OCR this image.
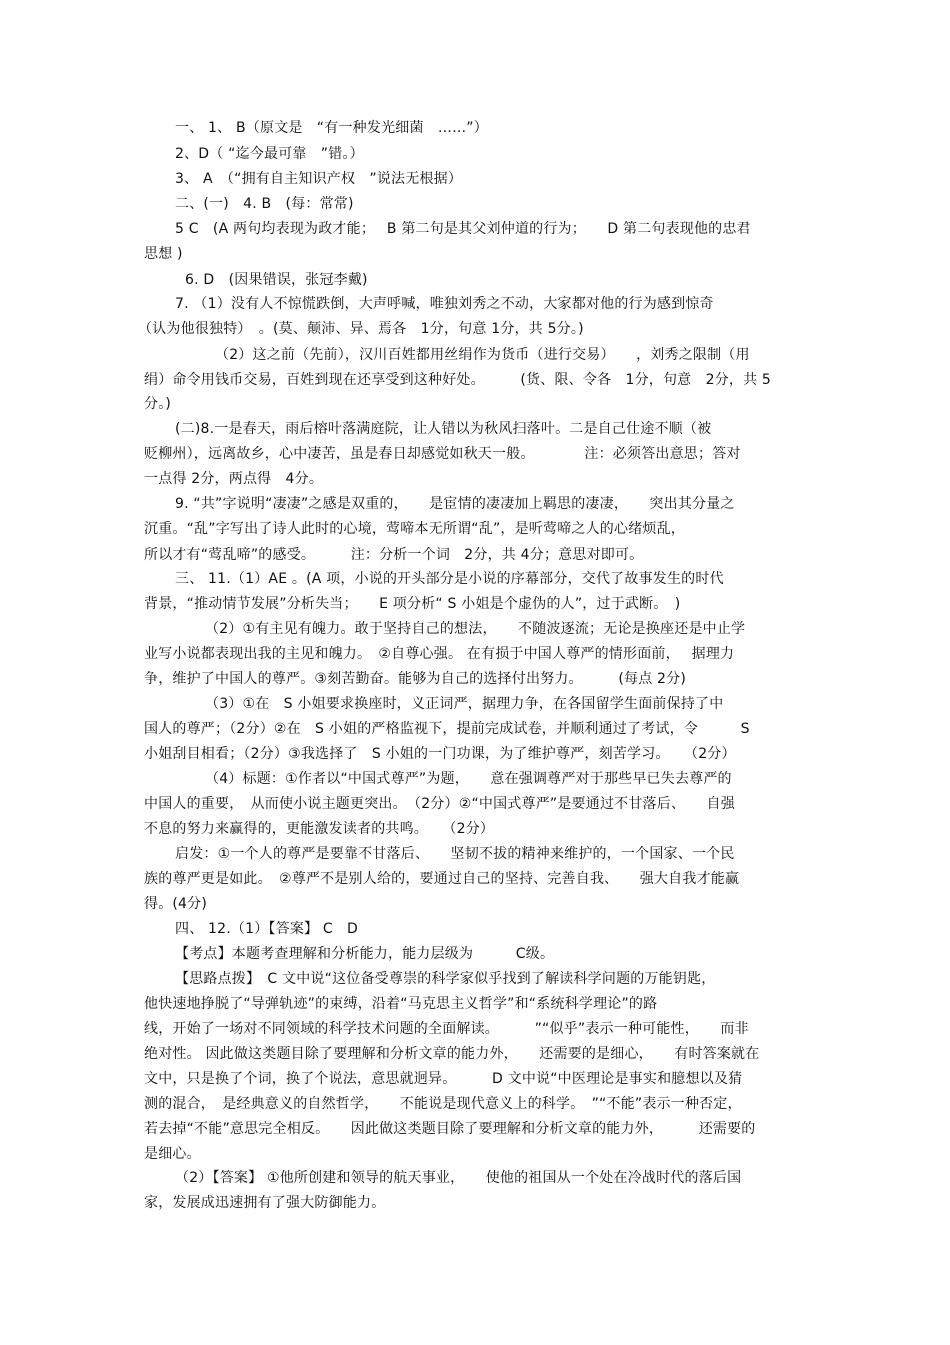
一、 1、 B（原文是　“有一种发光细菌　……”）
2、D（ “迄今最可靠　”错。）
3、 A　（“拥有自主知识产权　”说法无根据）
二、(一)　4. B　(每：常常)
5 C　(A 两句均表现为政才能；　 B 第二句是其父刘仲道的行为；　　D 第二句表现他的忠君
思想 )
6. D　(因果错误，张冠李戴)
7. （1）没有人不惊慌跌倒，大声呼喊，唯独刘秀之不动，大家都对他的行为感到惊奇
（认为他很独特）　。(莫、颠沛、异、焉各　1分，句意 1分，共 5分。)
（2）这之前（先前），汉川百姓都用丝绢作为货币（进行交易）　　，刘秀之限制（用
绢）命令用钱币交易，百姓到现在还享受到这种好处。　　　(货、限、令各　1分，句意　2分，共 5
分。)
(二)8.一是春天，雨后榕叶落满庭院，让人错以为秋风扫落叶。二是自己仕途不顺（被
贬柳州），远离故乡，心中凄苦，虽是春日却感觉如秋天一般。　　　　注：必须答出意思；答对
一点得 2分，两点得　4分。
9. “共”字说明“凄凄”之感是双重的，　　是宦情的凄凄加上羁思的凄凄，　　突出其分量之
沉重。“乱”字写出了诗人此时的心境，莺啼本无所谓“乱”，是听莺啼之人的心绪烦乱，
所以才有“莺乱啼”的感受。　　　注：分析一个词　2分，共 4分；意思对即可。
三、 11.（1）AE 。(A 项，小说的开头部分是小说的序幕部分，交代了故事发生的时代
背景，“推动情节发展”分析失当；　　E 项分析“ S 小姐是个虚伪的人”，过于武断。　)
（2）①有主见有魄力。敢于坚持自己的想法，　　不随波逐流；无论是换座还是中止学
业写小说都表现出我的主见和魄力。　②自尊心强。 在有损于中国人尊严的情形面前，　 据理力
争，维护了中国人的尊严。③刻苦勤奋。能够为自己的选择付出努力。　　　(每点 2分)
（3）①在　S 小姐要求换座时，义正词严，据理力争，在各国留学生面前保持了中
国人的尊严；（2分）②在　S 小姐的严格监视下，提前完成试卷，并顺利通过了考试，令　　　S
小姐刮目相看；（2分）③我选择了　S 小姐的一门功课，为了维护尊严，刻苦学习。　　（2分）
（4）标题：①作者以“中国式尊严”为题，　　意在强调尊严对于那些早已失去尊严的
中国人的重要，　从而使小说主题更突出。　（2分）②“中国式尊严”是要通过不甘落后、　　自强
不息的努力来赢得的，更能激发读者的共鸣。　　（2分）
启发：①一个人的尊严是要靠不甘落后、　　坚韧不拔的精神来维护的，一个国家、一个民
族的尊严更是如此。　②尊严不是别人给的，要通过自己的坚持、完善自我、　　强大自我才能赢
得。(4分)
四、 12.（1）【答案】 C　D
【考点】本题考查理解和分析能力，能力层级为　　　C级。
【思路点拨】　C 文中说“这位备受尊崇的科学家似乎找到了解读科学问题的万能钥匙，
他快速地挣脱了“导弹轨迹”的束缚，沿着“马克思主义哲学”和“系统科学理论”的路
线，开始了一场对不同领域的科学技术问题的全面解读。　　　”“似乎”表示一种可能性，　　而非
绝对性。 因此做这类题目除了要理解和分析文章的能力外，　　还需要的是细心，　　有时答案就在
文中，只是换了个词，换了个说法，意思就迥异。　　　D 文中说“中医理论是事实和臆想以及猜
测的混合，　是经典意义的自然哲学，　　不能说是现代意义上的科学。　”“不能”表示一种否定，
若去掉“不能”意思完全相反。　　因此做这类题目除了要理解和分析文章的能力外，　　　还需要的
是细心。
（2）【答案】 ①他所创建和领导的航天事业，　　使他的祖国从一个处在冷战时代的落后国
家，发展成迅速拥有了强大防御能力。
